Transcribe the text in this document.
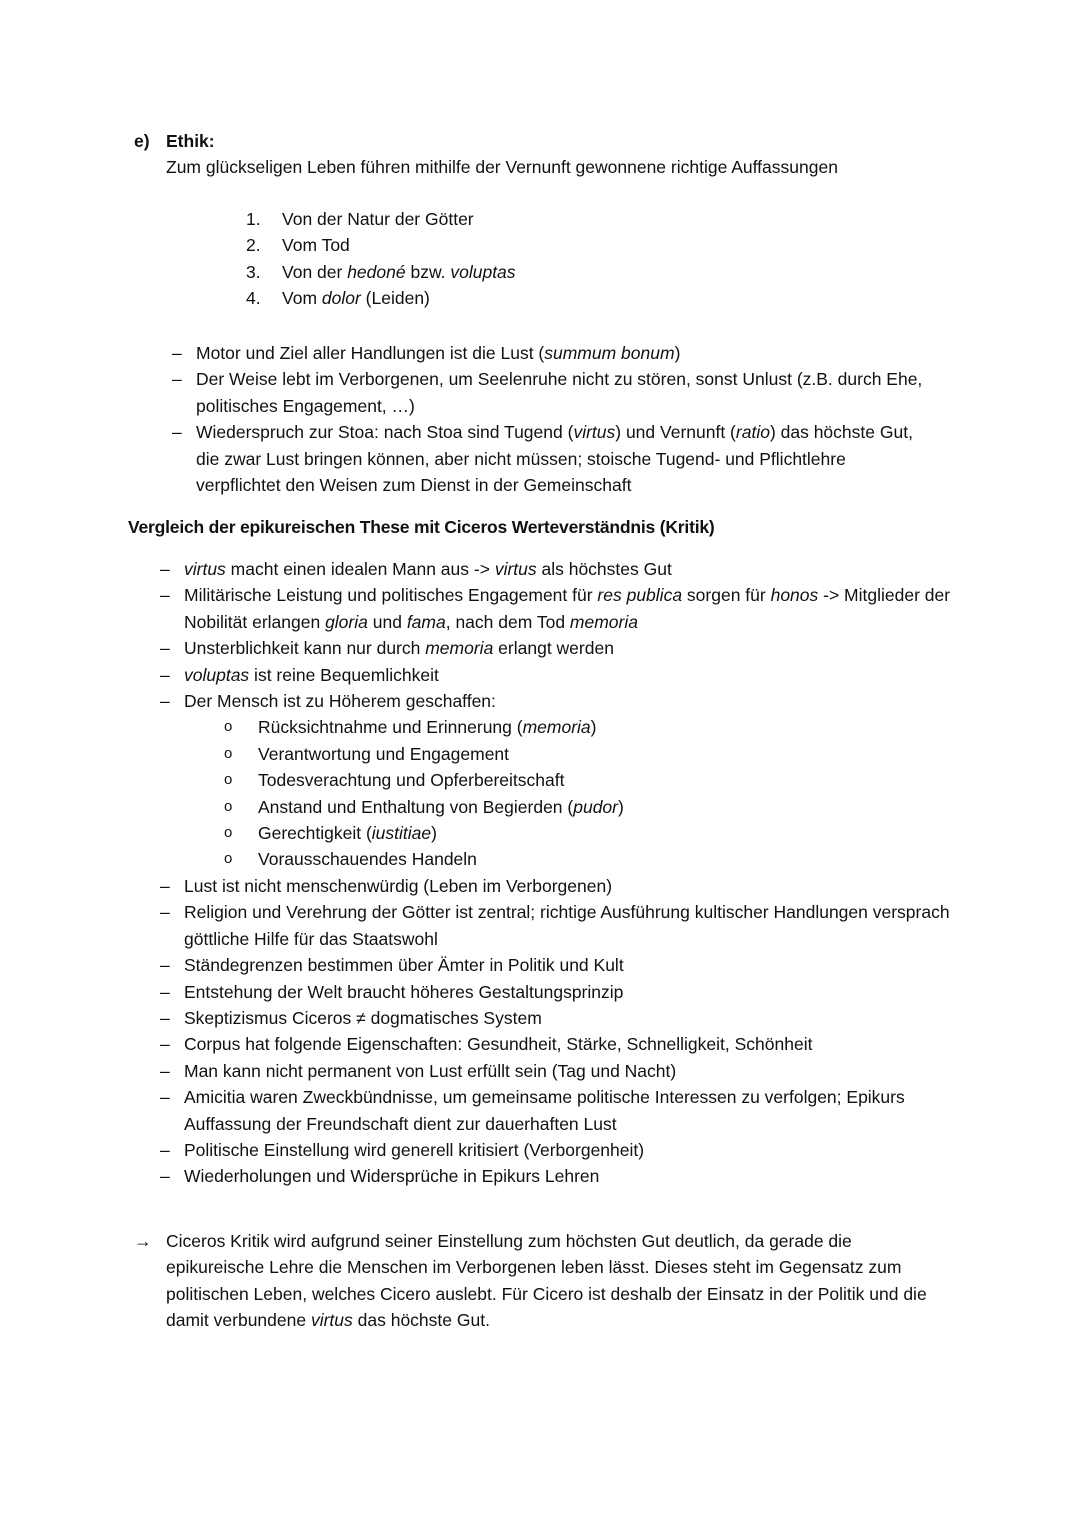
e) Ethik:
Zum glückseligen Leben führen mithilfe der Vernunft gewonnene richtige Auffassungen
1.	Von der Natur der Götter
2.	Vom Tod
3.	Von der hedoné bzw. voluptas
4.	Vom dolor (Leiden)
– Motor und Ziel aller Handlungen ist die Lust (summum bonum)
– Der Weise lebt im Verborgenen, um Seelenruhe nicht zu stören, sonst Unlust (z.B. durch Ehe, politisches Engagement, …)
– Wiederspruch zur Stoa: nach Stoa sind Tugend (virtus) und Vernunft (ratio) das höchste Gut, die zwar Lust bringen können, aber nicht müssen; stoische Tugend- und Pflichtlehre verpflichtet den Weisen zum Dienst in der Gemeinschaft
Vergleich der epikureischen These mit Ciceros Werteverständnis (Kritik)
– virtus macht einen idealen Mann aus -> virtus als höchstes Gut
– Militärische Leistung und politisches Engagement für res publica sorgen für honos -> Mitglieder der Nobilität erlangen gloria und fama, nach dem Tod memoria
– Unsterblichkeit kann nur durch memoria erlangt werden
– voluptas ist reine Bequemlichkeit
– Der Mensch ist zu Höherem geschaffen:
o	Rücksichtnahme und Erinnerung (memoria)
o	Verantwortung und Engagement
o	Todesverachtung und Opferbereitschaft
o	Anstand und Enthaltung von Begierden (pudor)
o	Gerechtigkeit (iustitiae)
o	Vorausschauendes Handeln
– Lust ist nicht menschenwürdig (Leben im Verborgenen)
– Religion und Verehrung der Götter ist zentral; richtige Ausführung kultischer Handlungen versprach göttliche Hilfe für das Staatswohl
– Ständegrenzen bestimmen über Ämter in Politik und Kult
– Entstehung der Welt braucht höheres Gestaltungsprinzip
– Skeptizismus Ciceros ≠ dogmatisches System
– Corpus hat folgende Eigenschaften: Gesundheit, Stärke, Schnelligkeit, Schönheit
– Man kann nicht permanent von Lust erfüllt sein (Tag und Nacht)
– Amicitia waren Zweckbündnisse, um gemeinsame politische Interessen zu verfolgen; Epikurs Auffassung der Freundschaft dient zur dauerhaften Lust
– Politische Einstellung wird generell kritisiert (Verborgenheit)
– Wiederholungen und Widersprüche in Epikurs Lehren
→ Ciceros Kritik wird aufgrund seiner Einstellung zum höchsten Gut deutlich, da gerade die epikureische Lehre die Menschen im Verborgenen leben lässt. Dieses steht im Gegensatz zum politischen Leben, welches Cicero auslebt. Für Cicero ist deshalb der Einsatz in der Politik und die damit verbundene virtus das höchste Gut.
